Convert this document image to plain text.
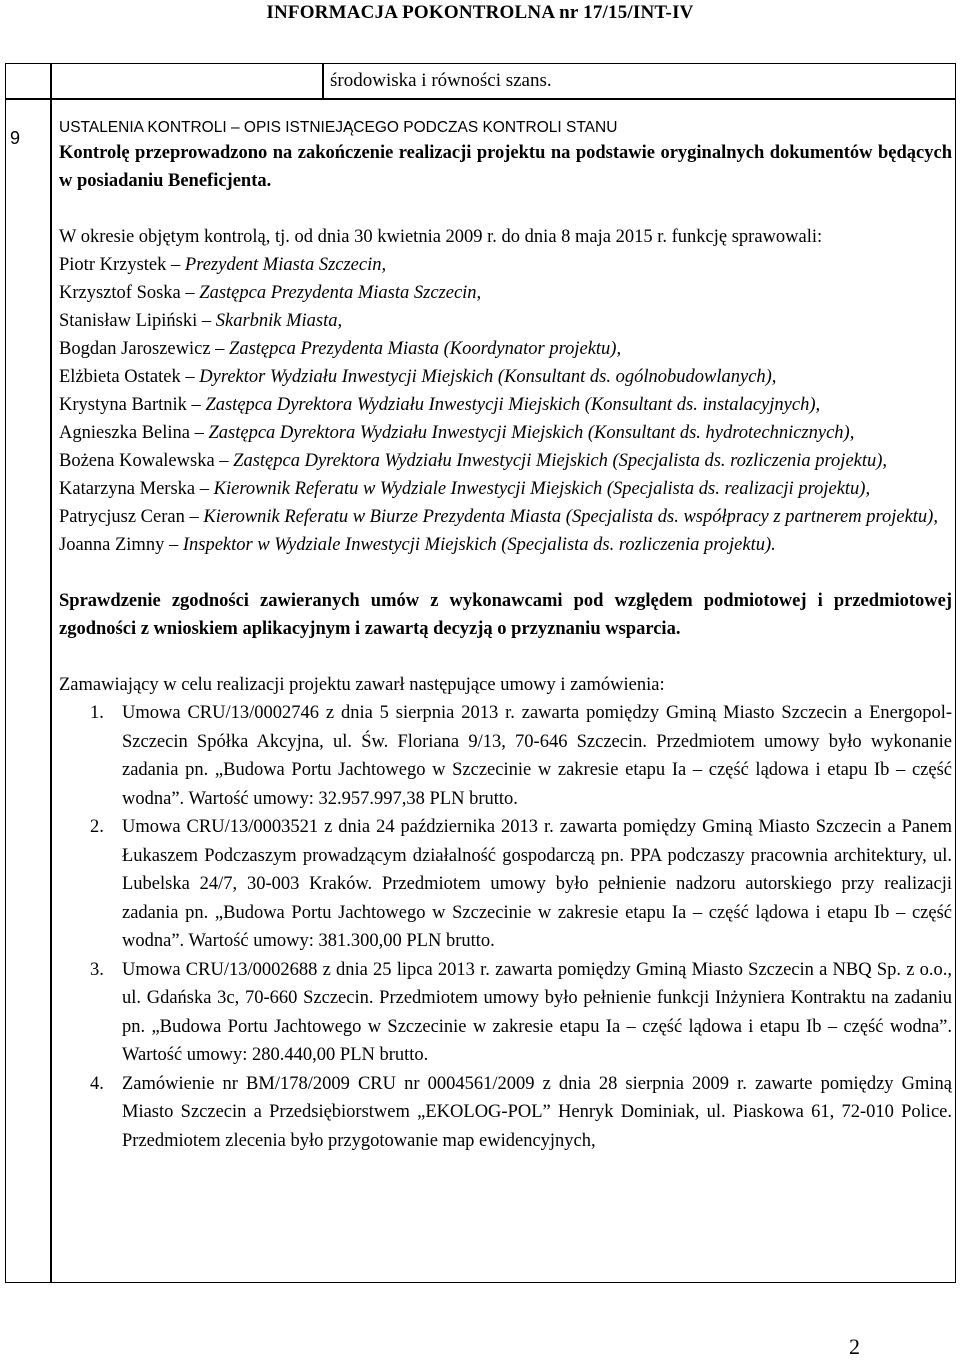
INFORMACJA POKONTROLNA nr 17/15/INT-IV
środowiska i równości szans.
9

USTALENIA KONTROLI – OPIS ISTNIEJĄCEGO PODCZAS KONTROLI STANU

Kontrolę przeprowadzono na zakończenie realizacji projektu na podstawie oryginalnych dokumentów będących w posiadaniu Beneficjenta.

W okresie objętym kontrolą, tj. od dnia 30 kwietnia 2009 r. do dnia 8 maja 2015 r. funkcję sprawowali:

Piotr Krzystek – Prezydent Miasta Szczecin,

Krzysztof Soska – Zastępca Prezydenta Miasta Szczecin,

Stanisław Lipiński – Skarbnik Miasta,

Bogdan Jaroszewicz – Zastępca Prezydenta Miasta (Koordynator projektu),

Elżbieta Ostatek – Dyrektor Wydziału Inwestycji Miejskich (Konsultant ds. ogólnobudowlanych),

Krystyna Bartnik – Zastępca Dyrektora Wydziału Inwestycji Miejskich (Konsultant ds. instalacyjnych),

Agnieszka Belina – Zastępca Dyrektora Wydziału Inwestycji Miejskich (Konsultant ds. hydrotechnicznych),

Bożena Kowalewska – Zastępca Dyrektora Wydziału Inwestycji Miejskich (Specjalista ds. rozliczenia projektu),

Katarzyna Merska – Kierownik Referatu w Wydziale Inwestycji Miejskich (Specjalista ds. realizacji projektu),

Patrycjusz Ceran – Kierownik Referatu w Biurze Prezydenta Miasta (Specjalista ds. współpracy z partnerem projektu),

Joanna Zimny – Inspektor w Wydziale Inwestycji Miejskich (Specjalista ds. rozliczenia projektu).

Sprawdzenie zgodności zawieranych umów z wykonawcami pod względem podmiotowej i przedmiotowej zgodności z wnioskiem aplikacyjnym i zawartą decyzją o przyznaniu wsparcia.

Zamawiający w celu realizacji projektu zawarł następujące umowy i zamówienia:

1. Umowa CRU/13/0002746 z dnia 5 sierpnia 2013 r. zawarta pomiędzy Gminą Miasto Szczecin a Energopol-Szczecin Spółka Akcyjna, ul. Św. Floriana 9/13, 70-646 Szczecin. Przedmiotem umowy było wykonanie zadania pn. „Budowa Portu Jachtowego w Szczecinie w zakresie etapu Ia – część lądowa i etapu Ib – część wodna”. Wartość umowy: 32.957.997,38 PLN brutto.
2. Umowa CRU/13/0003521 z dnia 24 października 2013 r. zawarta pomiędzy Gminą Miasto Szczecin a Panem Łukaszem Podczaszym prowadzącym działalność gospodarczą pn. PPA podczaszy pracownia architektury, ul. Lubelska 24/7, 30-003 Kraków. Przedmiotem umowy było pełnienie nadzoru autorskiego przy realizacji zadania pn. „Budowa Portu Jachtowego w Szczecinie w zakresie etapu Ia – część lądowa i etapu Ib – część wodna”. Wartość umowy: 381.300,00 PLN brutto.
3. Umowa CRU/13/0002688 z dnia 25 lipca 2013 r. zawarta pomiędzy Gminą Miasto Szczecin a NBQ Sp. z o.o., ul. Gdańska 3c, 70-660 Szczecin. Przedmiotem umowy było pełnienie funkcji Inżyniera Kontraktu na zadaniu pn. „Budowa Portu Jachtowego w Szczecinie w zakresie etapu Ia – część lądowa i etapu Ib – część wodna”. Wartość umowy: 280.440,00 PLN brutto.
4. Zamówienie nr BM/178/2009 CRU nr 0004561/2009 z dnia 28 sierpnia 2009 r. zawarte pomiędzy Gminą Miasto Szczecin a Przedsiębiorstwem „EKOLOG-POL” Henryk Dominiak, ul. Piaskowa 61, 72-010 Police. Przedmiotem zlecenia było przygotowanie map ewidencyjnych,
2
